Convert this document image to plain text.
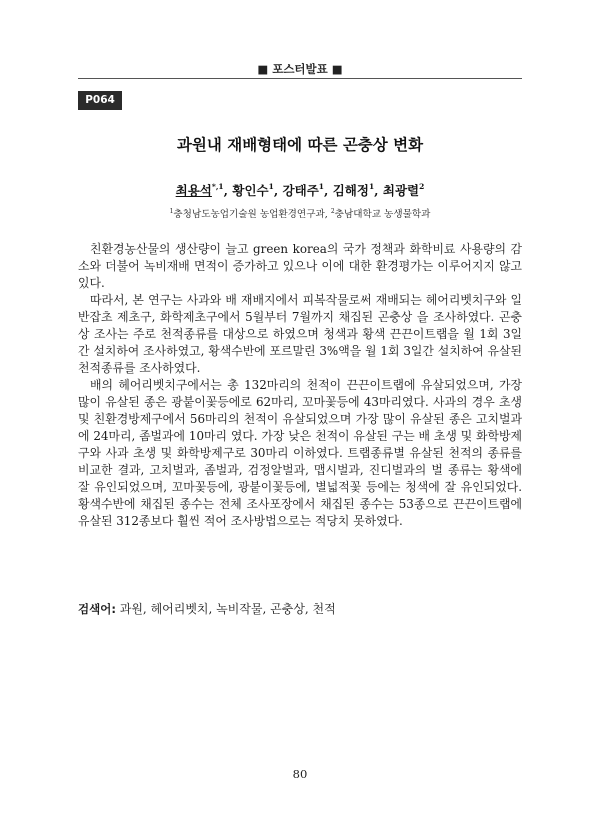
■ 포스터발표 ■
P064
과원내 재배형태에 따른 곤충상 변화
최용석$^{*,1}$, 황인수$^1$, 강태주$^1$, 김해정$^1$, 최광렬$^2$
$^1$충청남도농업기술원 농업환경연구과, $^2$충남대학교 농생물학과

친환경농산물의 생산량이 늘고 green korea의 국가 정책과 화학비료 사용량의 감소와 더불어 녹비재배 면적이 증가하고 있으나 이에 대한 환경평가는 이루어지지 않고 있다.

따라서, 본 연구는 사과와 배 재배지에서 피복작물로써 재배되는 헤어리벳치구와 일반잡초 제초구, 화학제초구에서 5월부터 7월까지 채집된 곤충상 을 조사하였다. 곤충상 조사는 주로 천적종류를 대상으로 하였으며 청색과 황색 끈끈이트랩을 월 1회 3일간 설치하여 조사하였고, 황색수반에 포르말린 3%액을 월 1회 3일간 설치하여 유살된 천적종류를 조사하였다.

배의 헤어리벳치구에서는 총 132마리의 천적이 끈끈이트랩에 유살되었으며, 가장 많이 유살된 종은 광붙이꽃등에로 62마리, 꼬마꽃등에 43마리였다. 사과의 경우 초생 및 친환경방제구에서 56마리의 천적이 유살되었으며 가장 많이 유살된 종은 고치벌과에 24마리, 좀벌과에 10마리 였다. 가장 낮은 천적이 유살된 구는 배 초생 및 화학방제구와 사과 초생 및 화학방제구로 30마리 이하였다. 트랩종류별 유살된 천적의 종류를 비교한 결과, 고치벌과, 좀벌과, 검정알벌과, 맵시벌과, 진디벌과의 벌 종류는 황색에 잘 유인되었으며, 꼬마꽃등에, 광붙이꽃등에, 별넓적꽃 등에는 청색에 잘 유인되었다. 황색수반에 채집된 종수는 전체 조사포장에서 채집된 종수는 53종으로 끈끈이트랩에 유살된 312종보다 훨씬 적어 조사방법으로는 적당치 못하였다.

검색어: 과원, 헤어리벳치, 녹비작물, 곤충상, 천적
80
